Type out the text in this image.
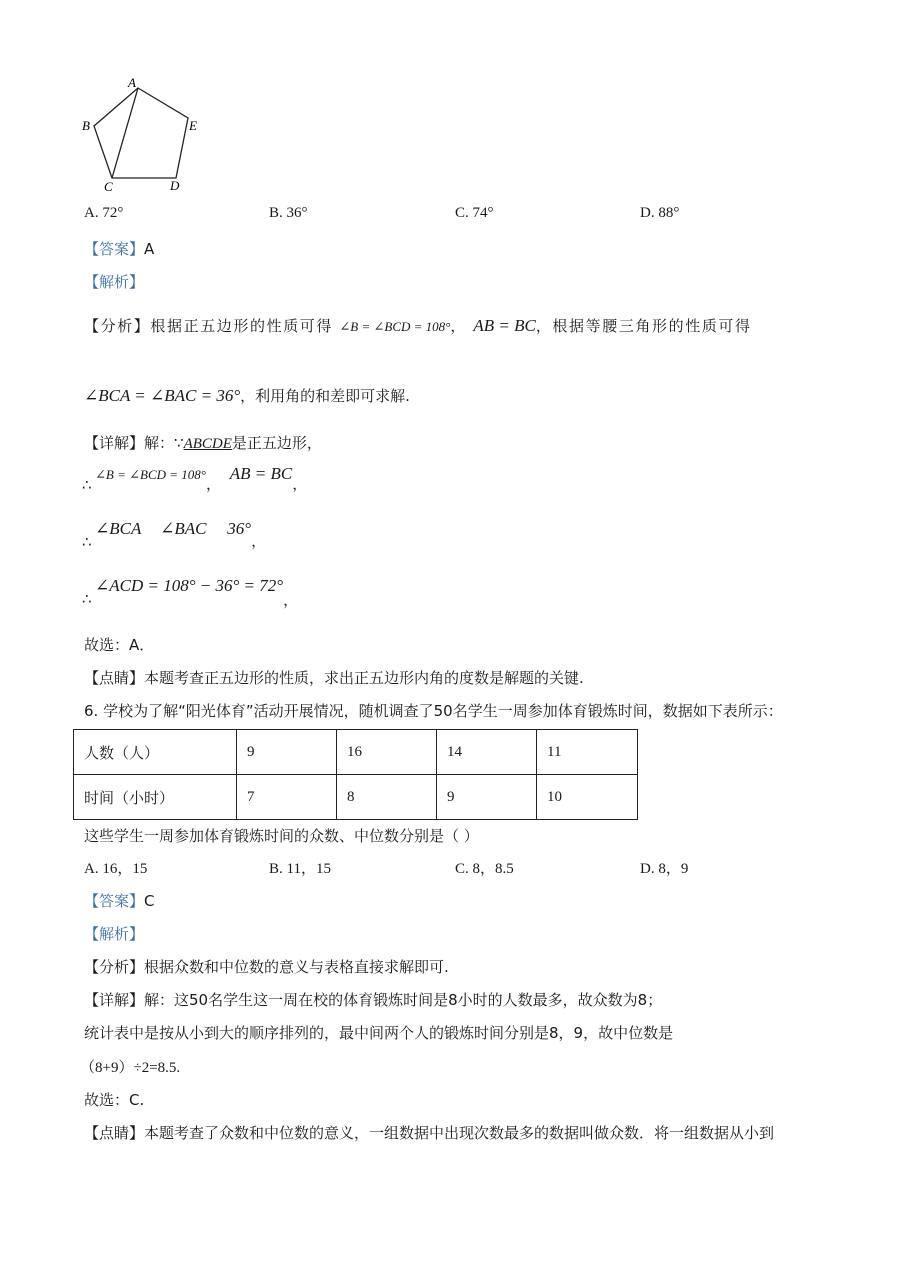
A
B	E
C	D
A. 72°	B. 36°	C. 74°	D. 88°
【答案】A
【解析】
【分析】根据正五边形的性质可得 ∠B = ∠BCD = 108°， AB = BC，根据等腰三角形的性质可得
∠BCA = ∠BAC = 36°，利用角的和差即可求解.
【详解】解：∵ABCDE是正五边形，
∴
∠B = ∠BCD = 108°， AB = BC，
∴
∠BCA ∠BAC 36°，
∴
∠ACD = 108° − 36° = 72°，
故选：A．
【点睛】本题考查正五边形的性质，求出正五边形内角的度数是解题的关键.
6. 学校为了解“阳光体育”活动开展情况，随机调查了50名学生一周参加体育锻炼时间，数据如下表所示：
人数（人）	9	16	14	11
时间（小时）	7	8	9	10
这些学生一周参加体育锻炼时间的众数、中位数分别是（ ）
A. 16，15	B. 11，15	C. 8，8.5	D. 8，9
【答案】C
【解析】
【分析】根据众数和中位数的意义与表格直接求解即可.
【详解】解：这50名学生这一周在校的体育锻炼时间是8小时的人数最多，故众数为8；
统计表中是按从小到大的顺序排列的，最中间两个人的锻炼时间分别是8，9，故中位数是
（8+9）÷2=8.5.
故选：C.
【点睛】本题考查了众数和中位数的意义，一组数据中出现次数最多的数据叫做众数．将一组数据从小到
